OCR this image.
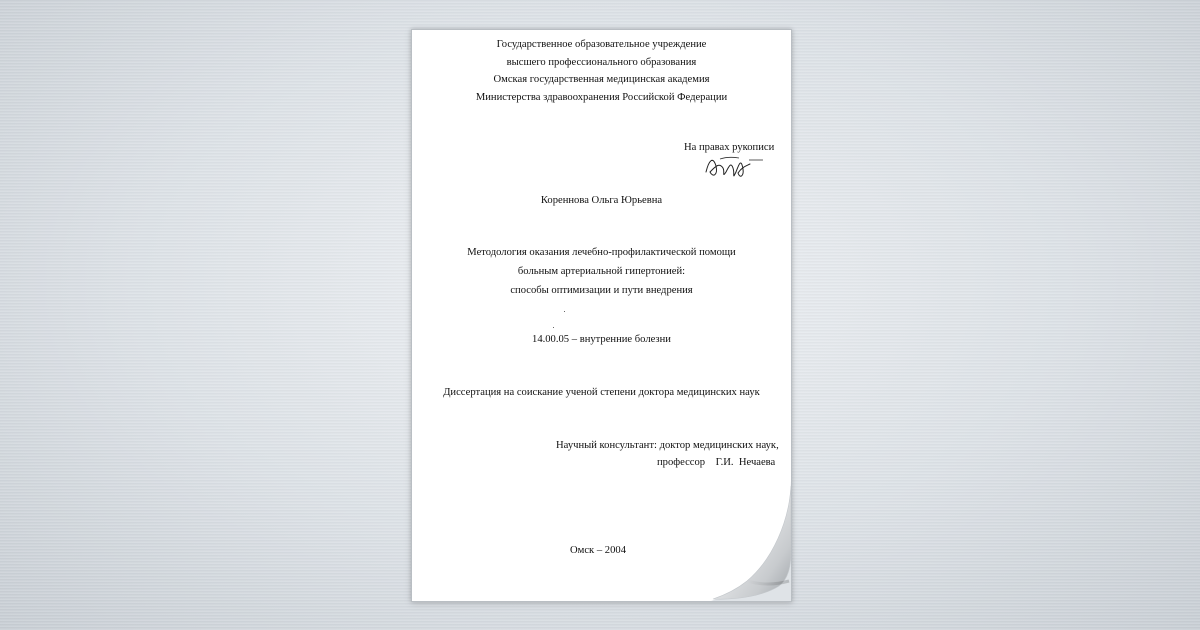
Государственное образовательное учреждение
высшего профессионального образования
Омская государственная медицинская академия
Министерства здравоохранения Российской Федерации
На правах рукописи
Кореннова Ольга Юрьевна
Методология оказания лечебно-профилактической помощи
больным артериальной гипертонией:
способы оптимизации и пути внедрения
14.00.05 – внутренние болезни
Диссертация на соискание ученой степени доктора медицинских наук
Научный консультант: доктор медицинских наук,
профессор    Г.И.  Нечаева
Омск – 2004
